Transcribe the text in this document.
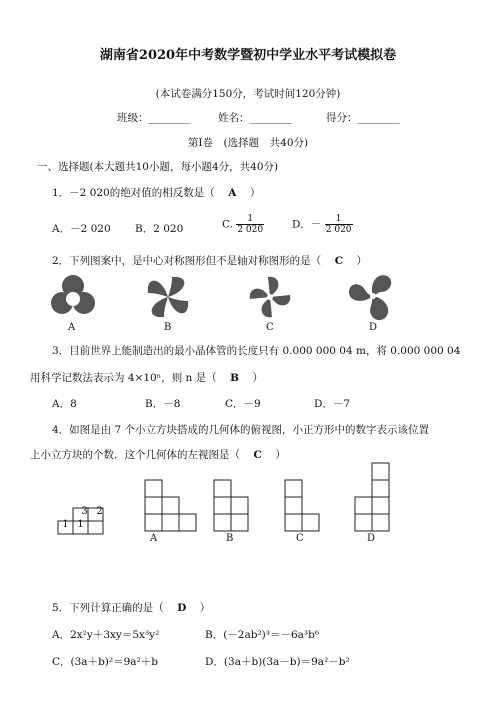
湖南省2020年中考数学暨初中学业水平考试模拟卷
(本试卷满分150分，考试时间120分钟)
班级：________	姓名：________	得分：________
第Ⅰ卷　(选择题　共40分)
一、选择题(本大题共10小题，每小题4分，共40分)
1．－2 020的绝对值的相反数是（　A　）
A．－2 020 B．2 020	C. $\frac{1}{2 020}$	D．－ $\frac{1}{2 020}$
2．下列图案中，是中心对称图形但不是轴对称图形的是（　C　）
A	B	C	D
3．目前世界上能制造出的最小晶体管的长度只有 0.000 000 04 m，将 0.000 000 04
用科学记数法表示为 4×10ⁿ，则 n 是（　B　）
A．8	B．－8	C．－9	D．－7
4．如图是由 7 个小立方块搭成的几何体的俯视图，小正方形中的数字表示该位置
上小立方块的个数．这个几何体的左视图是（　C　）
3 2
1 1
A	B	C	D
5．下列计算正确的是（　D　）
A．2x²y＋3xy＝5x³y²	B．(－2ab²)³＝－6a³b⁶
C．(3a＋b)²＝9a²＋b	D．(3a＋b)(3a－b)＝9a²－b²
